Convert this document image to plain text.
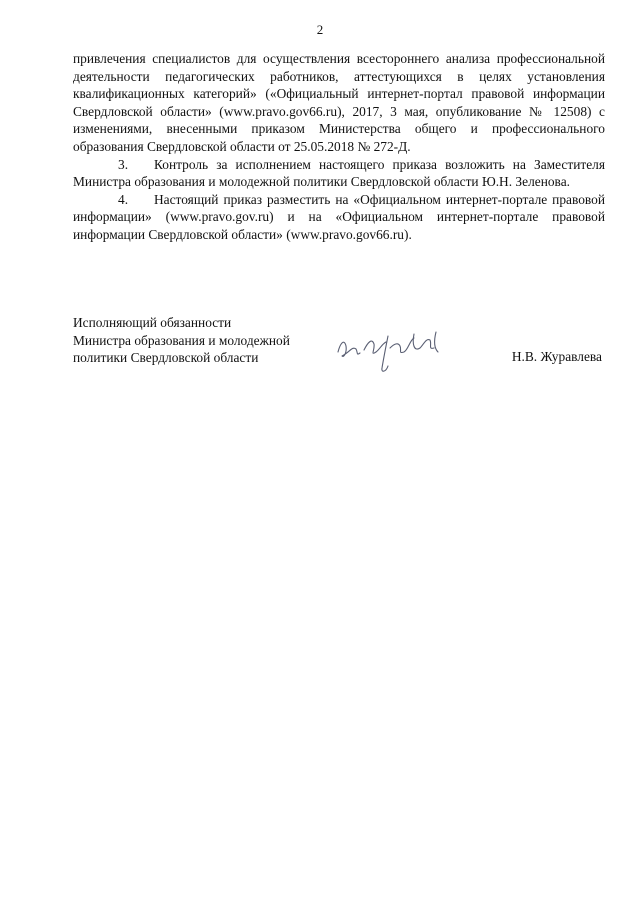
2

привлечения специалистов для осуществления всестороннего анализа профессиональной деятельности педагогических работников, аттестующихся в целях установления квалификационных категорий» («Официальный интернет-портал правовой информации Свердловской области» (www.pravo.gov66.ru), 2017, 3 мая, опубликование № 12508) с изменениями, внесенными приказом Министерства общего и профессионального образования Свердловской области от 25.05.2018 № 272-Д.

3. Контроль за исполнением настоящего приказа возложить на Заместителя Министра образования и молодежной политики Свердловской области Ю.Н. Зеленова.

4. Настоящий приказ разместить на «Официальном интернет-портале правовой информации» (www.pravo.gov.ru) и на «Официальном интернет-портале правовой информации Свердловской области» (www.pravo.gov66.ru).

Исполняющий обязанности
Министра образования и молодежной
политики Свердловской области	Н.В. Журавлева
